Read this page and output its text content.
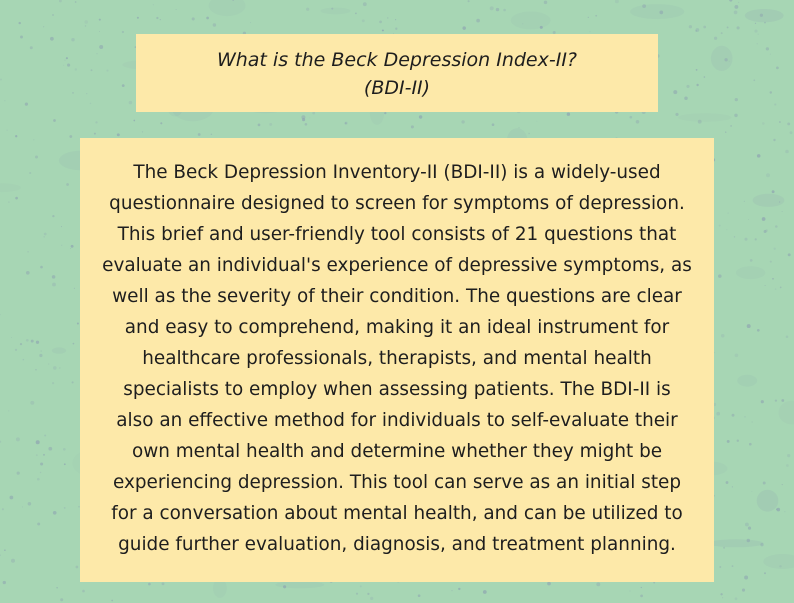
What is the Beck Depression Index-II?
(BDI-II)
The Beck Depression Inventory-II (BDI-II) is a widely-used
questionnaire designed to screen for symptoms of depression.
This brief and user-friendly tool consists of 21 questions that
evaluate an individual's experience of depressive symptoms, as
well as the severity of their condition. The questions are clear
and easy to comprehend, making it an ideal instrument for
healthcare professionals, therapists, and mental health
specialists to employ when assessing patients. The BDI-II is
also an effective method for individuals to self-evaluate their
own mental health and determine whether they might be
experiencing depression. This tool can serve as an initial step
for a conversation about mental health, and can be utilized to
guide further evaluation, diagnosis, and treatment planning.
